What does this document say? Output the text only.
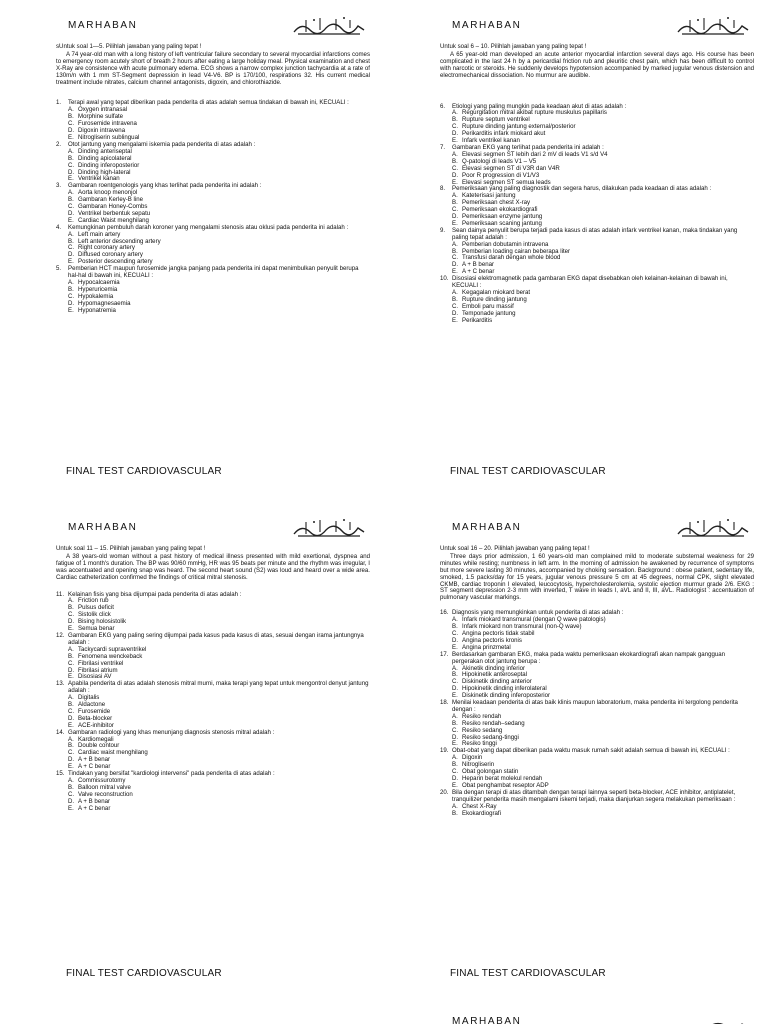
MARHABAN
sUntuk soal 1—5. Pilihlah jawaban yang paling tepat !
A 74 year-old man with a long history of left ventricular failure secondary to several myocardial infarctions comes to emergency room acutely short of breath 2 hours after eating a large holiday meal. Physical examination and chest X-Ray are consistence with acute pulmonary edema. ECG shows a narrow complex junction tachycardia at a rate of 130m/n with 1 mm ST-Segment depression in lead V4-V6. BP is 170/100, respirations 32. His current medical treatment include nitrates, calcium channel antagonists, digoxin, and chlorothiazide.
1.	Terapi awal yang tepat diberikan pada penderita di atas adalah semua tindakan di bawah ini, KECUALI :
A. Oxygen intranasal
B. Morphine sulfate
C. Furosemide intravena
D. Digoxin intravena
E. Nitrogliserin sublingual
2.	Otot jantung yang mengalami iskemia pada penderita di atas adalah :
A. Dinding anteriseptal
B. Dinding apicolateral
C. Dinding inferoposterior
D. Dinding high-lateral
E. Ventrikel kanan
3.	Gambaran roentgenologis yang khas terlihat pada penderita ini adalah :
A. Aorta knoop menonjol
B. Gambaran Kerley-B line
C. Gambaran Honey-Combs
D. Ventrikel berbentuk sepatu
E. Cardiac Waist menghilang
4.	Kemungkinan pembuluh darah koroner yang mengalami stenosis atau oklusi pada penderita ini adalah :
A. Left main artery
B. Left anterior descending artery
C. Right coronary artery
D. Diffused coronary artery
E. Posterior descending artery
5.	Pemberian HCT maupun furosemide jangka panjang pada penderita ini dapat menimbulkan penyulit berupa hal-hal di bawah ini, KECUALI :
A. Hypocalcaemia
B. Hyperuricemia
C. Hypokalemia
D. Hypomagnesaemia
E. Hyponatremia
FINAL TEST CARDIOVASCULAR
MARHABAN
Untuk soal 6 – 10. Pilihlah jawaban yang paling tepat !
A 65 year-old man developed an acute anterior myocardial infarction several days ago. His course has been complicated in the last 24 h by a pericardial friction rub and pleuritic chest pain, which has been difficult to control with narcotic or steroids. He suddenly develops hypotension accompanied by marked jugular venous distension and electromechanical dissociation. No murmur are audible.
6.	Etiologi yang paling mungkin pada keadaan akut di atas adalah :
A. Regurgitation mitral akibat rupture muskulus papillaris
B. Rupture septum ventrikel
C. Rupture dinding jantung external/posterior
D. Perikarditis infark miokard akut
E. Infark ventrikel kanan
7.	Gambaran EKG yang terlihat pada penderita ini adalah :
A. Elevasi segmen ST lebih dari 2 mV di leads V1 s/d V4
B. Q-patologi di leads V1 – V5
C. Elevasi segmen ST di V3R dan V4R
D. Poor R progression di V1/V3
E. Elevasi segmen ST semua leads
8.	Pemeriksaan yang paling diagnostik dan segera harus, dilakukan pada keadaan di atas adalah :
A. Kateterisasi jantung
B. Pemeriksaan chest X-ray
C. Pemeriksaan ekokardiografi
D. Pemeriksaan enzyme jantung
E. Pemeriksaan scaning jantung
9.	Sean dainya penyulit berupa terjadi pada kasus di atas adalah infark ventrikel kanan, maka tindakan yang paling tepat adalah :
A. Pemberian dobutamin intravena
B. Pemberian loading cairan beberapa liter
C. Transfusi darah dengan whole blood
D. A + B benar
E. A + C benar
10. Disosiasi elektromagnetik pada gambaran EKG dapat disebabkan oleh kelainan-kelainan di bawah ini, KECUALI :
A. Kegagalan miokard berat
B. Rupture dinding jantung
C. Emboli paru massif
D. Temponade jantung
E. Perikarditis
FINAL TEST CARDIOVASCULAR
MARHABAN
Untuk soal 11 – 15. Pilihlah jawaban yang paling tepat !
A 38 years-old woman without a past history of medical illness presented with mild exertional, dyspnea and fatigue of 1 month's duration. The BP was 90/60 mmHg, HR was 95 beats per minute and the rhythm was irregular, I was accentuated and opening snap was heard. The second heart sound (S2) was loud and heard over a wide area. Cardiac catheterization confirmed the findings of critical mitral stenosis.
11. Kelainan fisis yang bisa dijumpai pada penderita di atas adalah :
A. Friction rub
B. Pulsus deficit
C. Sistolik click
D. Bising holosistolik
E. Semua benar
12. Gambaran EKG yang paling sering dijumpai pada kasus pada kasus di atas, sesuai dengan irama jantungnya adalah :
A. Tackycardi supraventrikel
B. Fenomena wenckeback
C. Fibrilasi ventrikel
D. Fibrilasi atrium
E. Disosiasi AV
13. Apabila penderita di atas adalah stenosis mitral murni, maka terapi yang tepat untuk mengontrol denyut jantung adalah :
A. Digitalis
B. Aldactone
C. Furosemide
D. Beta-blocker
E. ACE-inhibitor
14. Gambaran radiologi yang khas menunjang diagnosis stenosis mitral adalah :
A. Kardiomegali
B. Double contour
C. Cardiac waist menghilang
D. A + B benar
E. A + C benar
15. Tindakan yang bersifat "kardiologi intervensi" pada penderita di atas adalah :
A. Commissurotomy
B. Balloon mitral valve
C. Valve reconstruction
D. A + B benar
E. A + C benar
FINAL TEST CARDIOVASCULAR
MARHABAN
Untuk soal 16 – 20. Pilihlah jawaban yang paling tepat !
Three days prior admission, 1 60 years-old man complained mild to moderate substernal weakness for 29 minutes while resting; numbness in left arm. In the morning of admission he awakened by recurrence of symptoms but more severe lasting 30 minutes, accompanied by choking sensation. Background : obese patient, sedentary life, smoked, 1.5 packs/day for 15 years, jugular venous pressure 5 cm at 45 degrees, normal CPK, slight elevated CKMB, cardiac troponin I elevated, leucocytosis, hypercholesterolemia, systolic ejection murmur grade 2/6. EKG : ST segment depression 2-3 mm with inverted, T wave in leads I, aVL and II, III, aVL. Radiologist : accentuation of pulmonary vascular markings.
16. Diagnosis yang memungkinkan untuk penderita di atas adalah :
A. Infark miokard transmural (dengan Q wave patologis)
B. Infark miokard non transmural (non-Q wave)
C. Angina pectoris tidak stabil
D. Angina pectoris kronis
E. Angina prinzmetal
17. Berdasarkan gambaran EKG, maka pada waktu pemeriksaan ekokardiografi akan nampak gangguan pergerakan otot jantung berupa :
A. Akinetik dinding inferior
B. Hipokinetik anteroseptal
C. Diskinetik dinding anterior
D. Hipokinetik dinding inferolateral
E. Diskinetik dinding inferoposterior
18. Menilai keadaan penderita di atas baik klinis maupun laboratorium, maka penderita ini tergolong penderita dengan :
A. Resiko rendah
B. Resiko rendah–sedang
C. Resiko sedang
D. Resiko sedang-tinggi
E. Resiko tinggi
19. Obat-obat yang dapat diberikan pada waktu masuk rumah sakit adalah semua di bawah ini, KECUALI :
A. Digoxin
B. Nitrogliserin
C. Obat golongan statin
D. Heparin berat molekul rendah
E. Obat penghambat reseptor ADP
20. Bila dengan terapi di atas ditambah dengan terapi lainnya seperti beta-blocker, ACE inhibitor, antiplatelet, tranquilizer penderita masih mengalami iskemi terjadi, maka dianjurkan segera melakukan pemeriksaan :
A. Chest X-Ray
B. Ekokardiografi
FINAL TEST CARDIOVASCULAR
MARHABAN
